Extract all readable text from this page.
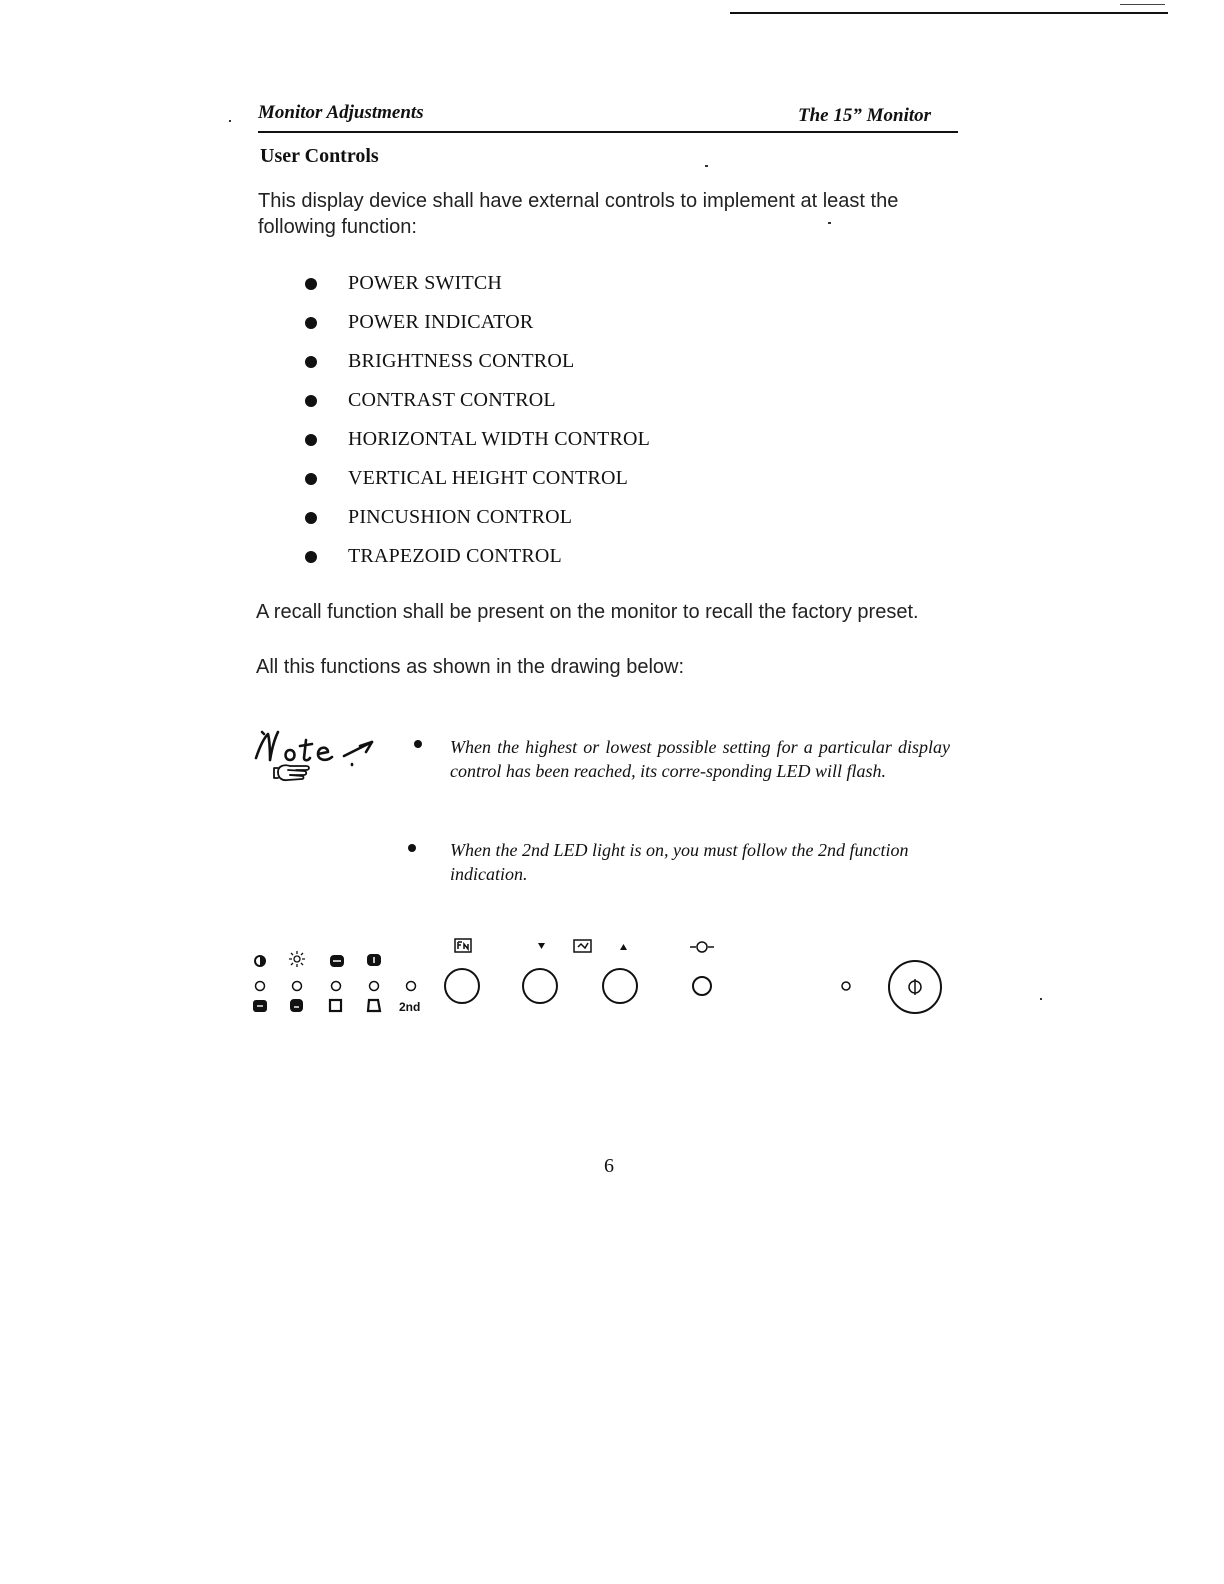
Monitor Adjustments	The 15” Monitor
User Controls
This display device shall have external controls to implement at least the following function:
POWER SWITCH
POWER INDICATOR
BRIGHTNESS CONTROL
CONTRAST CONTROL
HORIZONTAL WIDTH CONTROL
VERTICAL HEIGHT CONTROL
PINCUSHION CONTROL
TRAPEZOID CONTROL
A recall function shall be present on the monitor to recall the factory preset.
All this functions as shown in the drawing below:
When the highest or lowest possible setting for a particular display control has been reached, its corre-sponding LED will flash.
When the 2nd LED light is on, you must follow the 2nd function indication.
2nd
6
